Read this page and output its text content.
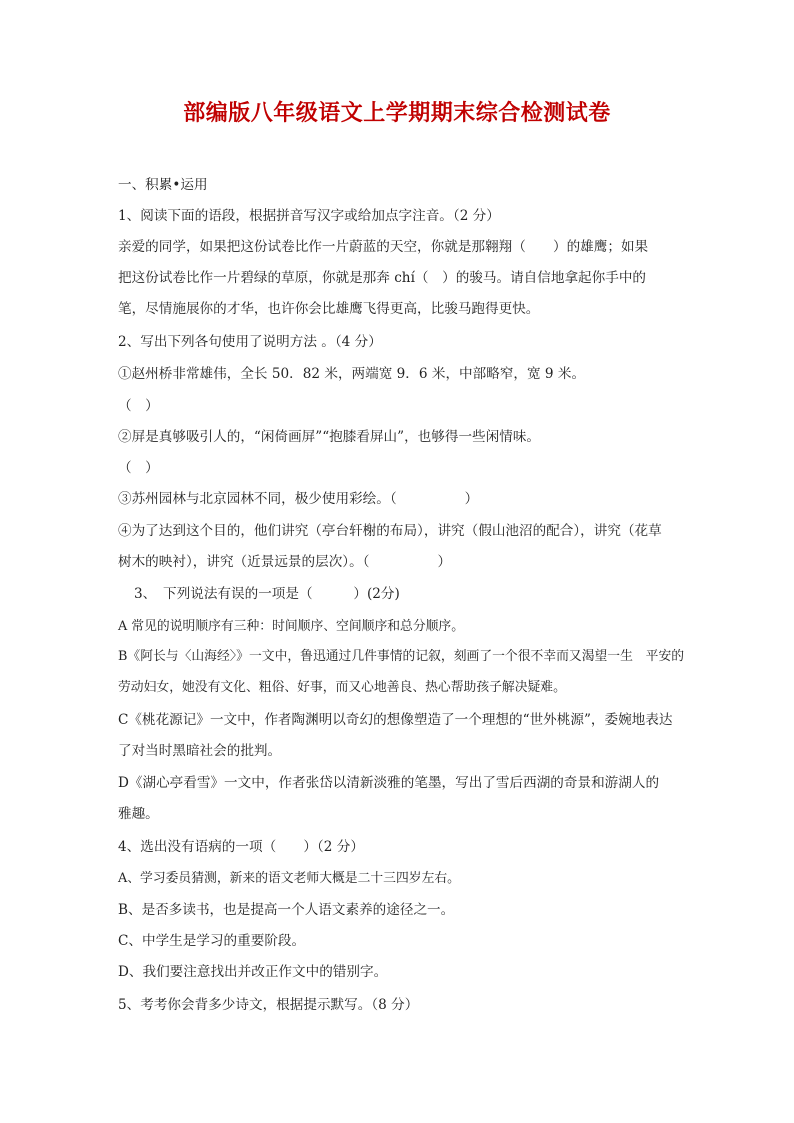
部编版八年级语文上学期期末综合检测试卷
一、积累•运用
1、阅读下面的语段，根据拼音写汉字或给加点字注音。（2 分）
亲爱的同学，如果把这份试卷比作一片蔚蓝的天空，你就是那翱翔（　　）的雄鹰；如果
把这份试卷比作一片碧绿的草原，你就是那奔 chí（　）的骏马。请自信地拿起你手中的
笔，尽情施展你的才华，也许你会比雄鹰飞得更高，比骏马跑得更快。
2、写出下列各句使用了说明方法 。（4 分）
①赵州桥非常雄伟，全长 50．82 米，两端宽 9．6 米，中部略窄，宽 9 米。
（　）
②屏是真够吸引人的，“闲倚画屏”“抱膝看屏山”，也够得一些闲情味。
（　）
③苏州园林与北京园林不同，极少使用彩绘。（　　　　　）
④为了达到这个目的，他们讲究（亭台轩榭的布局），讲究（假山池沼的配合），讲究（花草
树木的映衬），讲究（近景远景的层次）。（　　　　　）
3、　下列说法有误的一项是（　　　）(2分)
A 常见的说明顺序有三种：时间顺序、空间顺序和总分顺序。
B《阿长与〈山海经〉》一文中，鲁迅通过几件事情的记叙，刻画了一个很不幸而又渴望一生　平安的
劳动妇女，她没有文化、粗俗、好事，而又心地善良、热心帮助孩子解决疑难。
C《桃花源记》一文中，作者陶渊明以奇幻的想像塑造了一个理想的“世外桃源”，委婉地表达
了对当时黑暗社会的批判。
D《湖心亭看雪》一文中，作者张岱以清新淡雅的笔墨，写出了雪后西湖的奇景和游湖人的
雅趣。
4、选出没有语病的一项（　　）（2 分）
A、学习委员猜测，新来的语文老师大概是二十三四岁左右。
B、是否多读书，也是提高一个人语文素养的途径之一。
C、中学生是学习的重要阶段。
D、我们要注意找出并改正作文中的错别字。
5、考考你会背多少诗文，根据提示默写。（8 分）
